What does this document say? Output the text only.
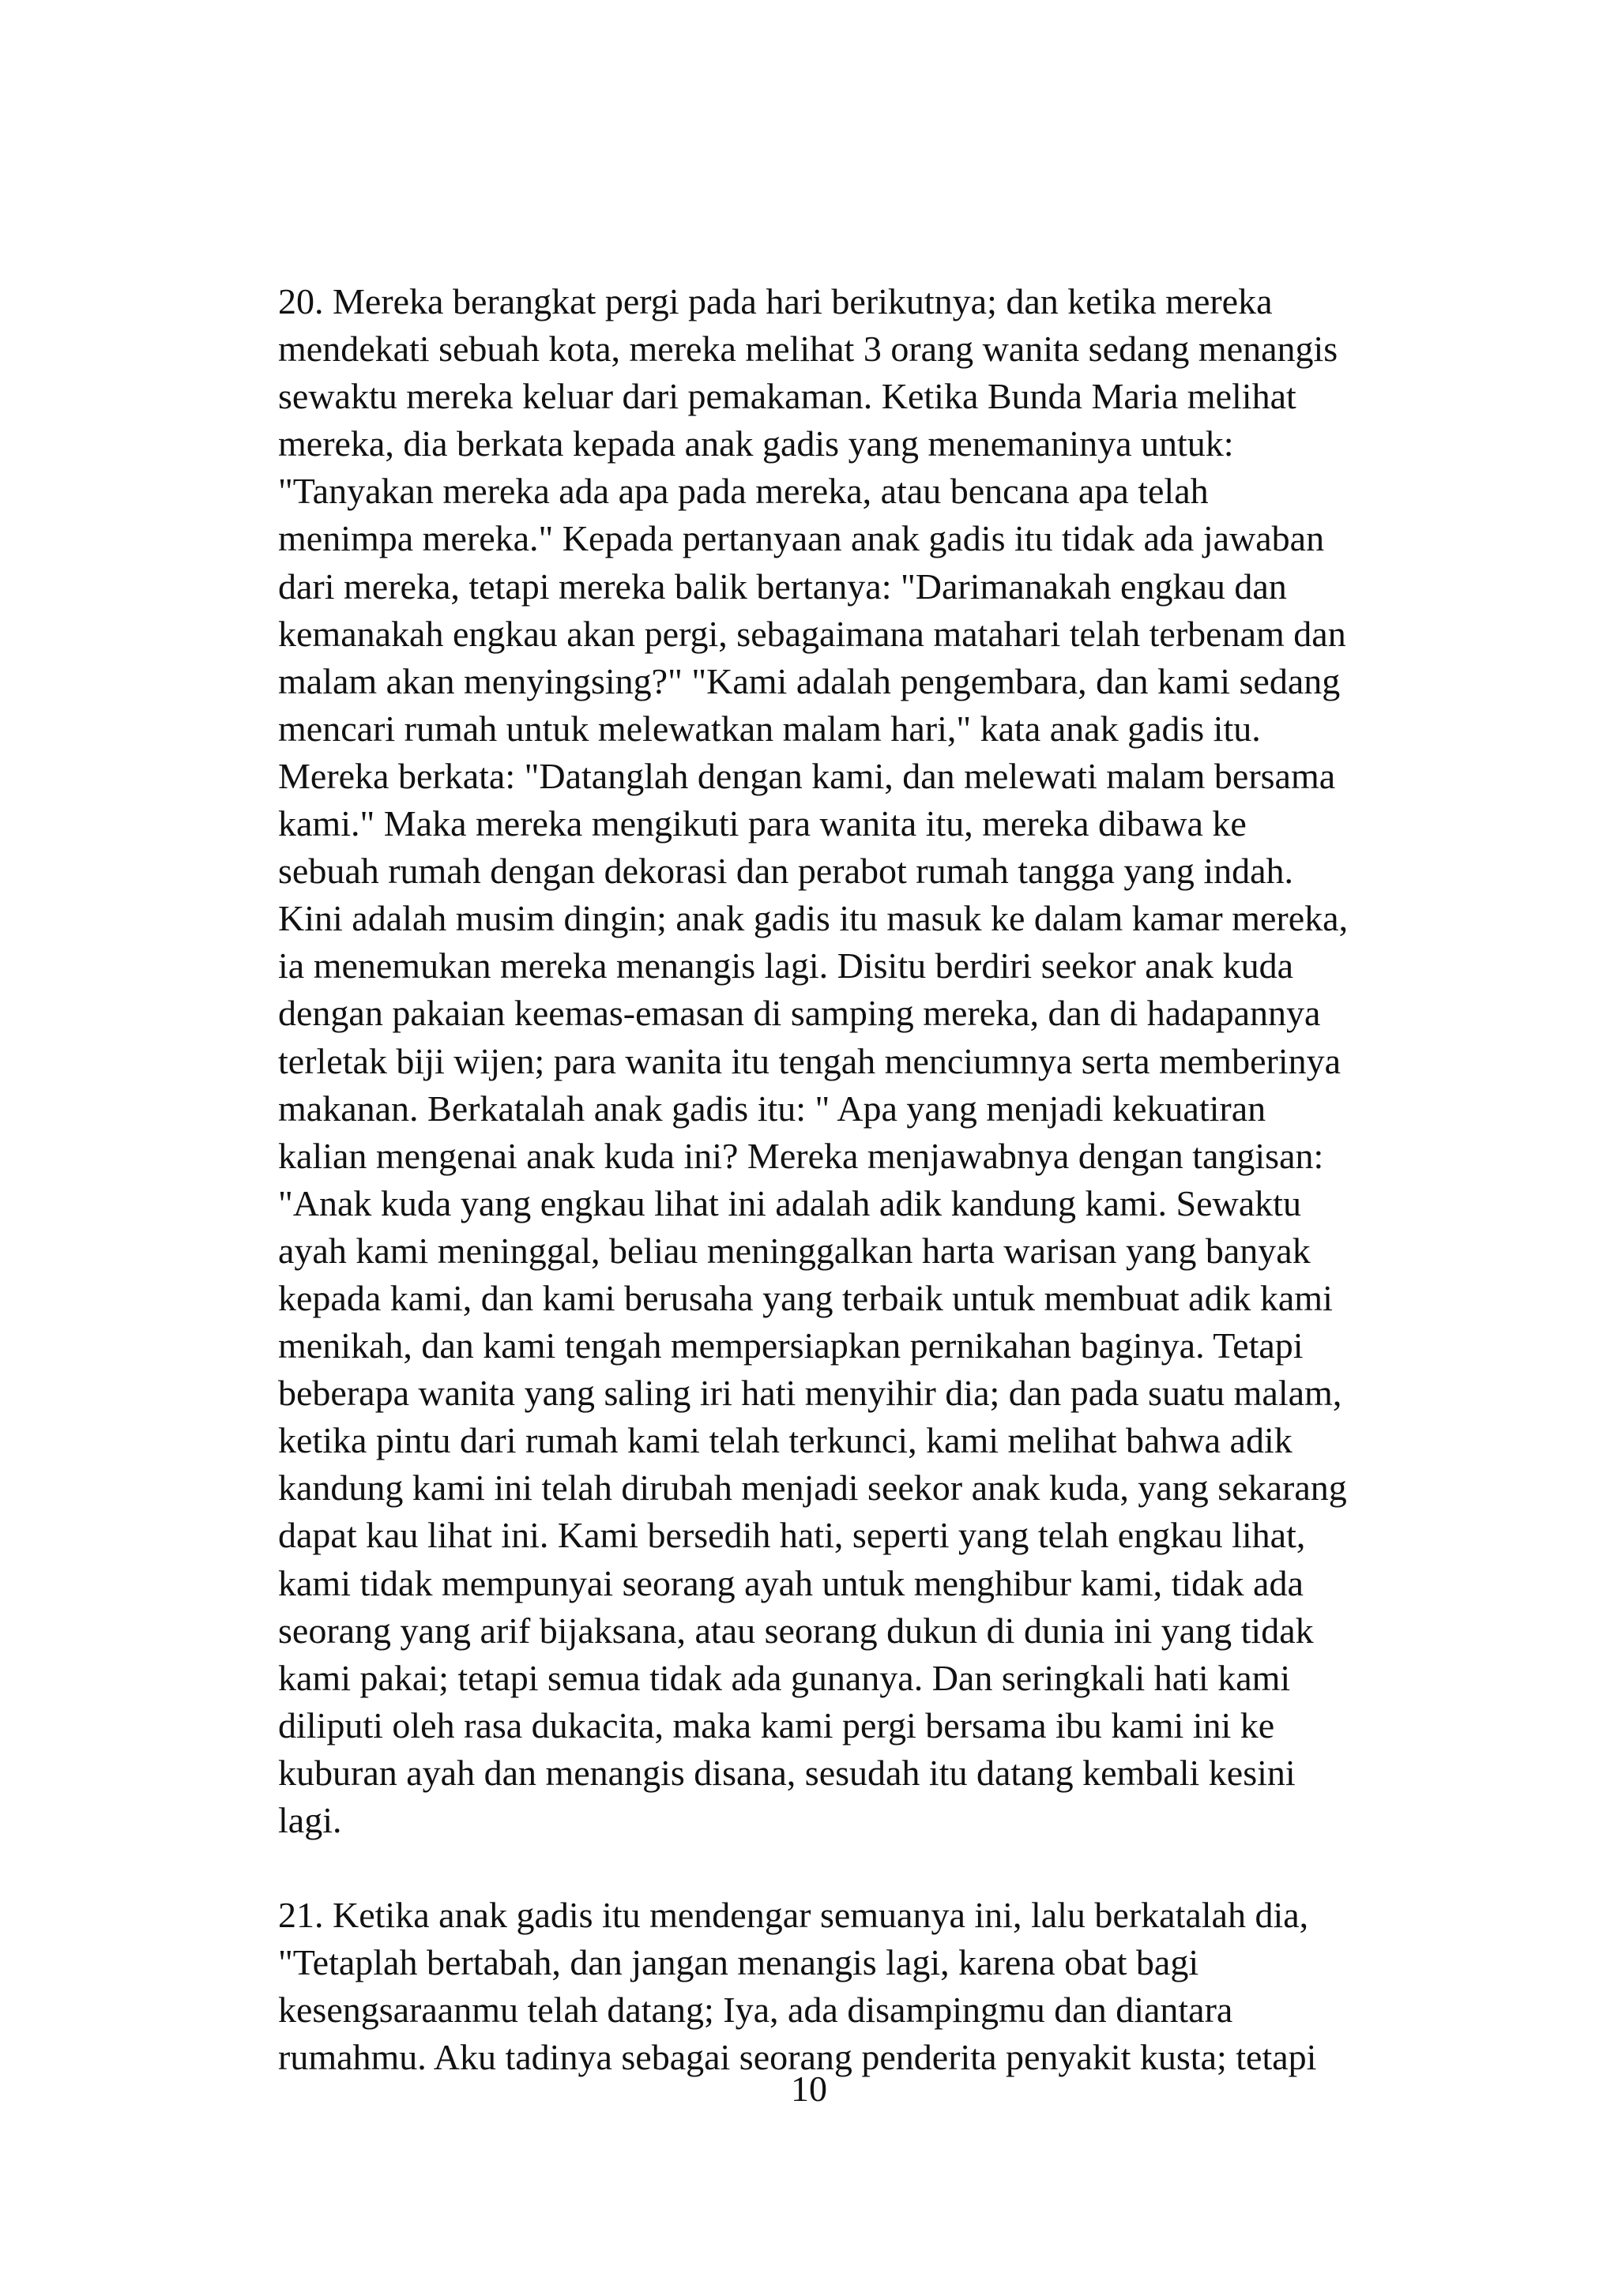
20. Mereka berangkat pergi pada hari berikutnya; dan ketika mereka
mendekati sebuah kota, mereka melihat 3 orang wanita sedang menangis
sewaktu mereka keluar dari pemakaman. Ketika Bunda Maria melihat
mereka, dia berkata kepada anak gadis yang menemaninya untuk:
"Tanyakan mereka ada apa pada mereka, atau bencana apa telah
menimpa mereka." Kepada pertanyaan anak gadis itu tidak ada jawaban
dari mereka, tetapi mereka balik bertanya: "Darimanakah engkau dan
kemanakah engkau akan pergi, sebagaimana matahari telah terbenam dan
malam akan menyingsing?" "Kami adalah pengembara, dan kami sedang
mencari rumah untuk melewatkan malam hari," kata anak gadis itu.
Mereka berkata: "Datanglah dengan kami, dan melewati malam bersama
kami." Maka mereka mengikuti para wanita itu, mereka dibawa ke
sebuah rumah dengan dekorasi dan perabot rumah tangga yang indah.
Kini adalah musim dingin; anak gadis itu masuk ke dalam kamar mereka,
ia menemukan mereka menangis lagi. Disitu berdiri seekor anak kuda
dengan pakaian keemas-emasan di samping mereka, dan di hadapannya
terletak biji wijen; para wanita itu tengah menciumnya serta memberinya
makanan. Berkatalah anak gadis itu: " Apa yang menjadi kekuatiran
kalian mengenai anak kuda ini? Mereka menjawabnya dengan tangisan:
"Anak kuda yang engkau lihat ini adalah adik kandung kami. Sewaktu
ayah kami meninggal, beliau meninggalkan harta warisan yang banyak
kepada kami, dan kami berusaha yang terbaik untuk membuat adik kami
menikah, dan kami tengah mempersiapkan pernikahan baginya. Tetapi
beberapa wanita yang saling iri hati menyihir dia; dan pada suatu malam,
ketika pintu dari rumah kami telah terkunci, kami melihat bahwa adik
kandung kami ini telah dirubah menjadi seekor anak kuda, yang sekarang
dapat kau lihat ini. Kami bersedih hati, seperti yang telah engkau lihat,
kami tidak mempunyai seorang ayah untuk menghibur kami, tidak ada
seorang yang arif bijaksana, atau seorang dukun di dunia ini yang tidak
kami pakai; tetapi semua tidak ada gunanya. Dan seringkali hati kami
diliputi oleh rasa dukacita, maka kami pergi bersama ibu kami ini ke
kuburan ayah dan menangis disana, sesudah itu datang kembali kesini
lagi.

21. Ketika anak gadis itu mendengar semuanya ini, lalu berkatalah dia,
"Tetaplah bertabah, dan jangan menangis lagi, karena obat bagi
kesengsaraanmu telah datang; Iya, ada disampingmu dan diantara
rumahmu. Aku tadinya sebagai seorang penderita penyakit kusta; tetapi

10
